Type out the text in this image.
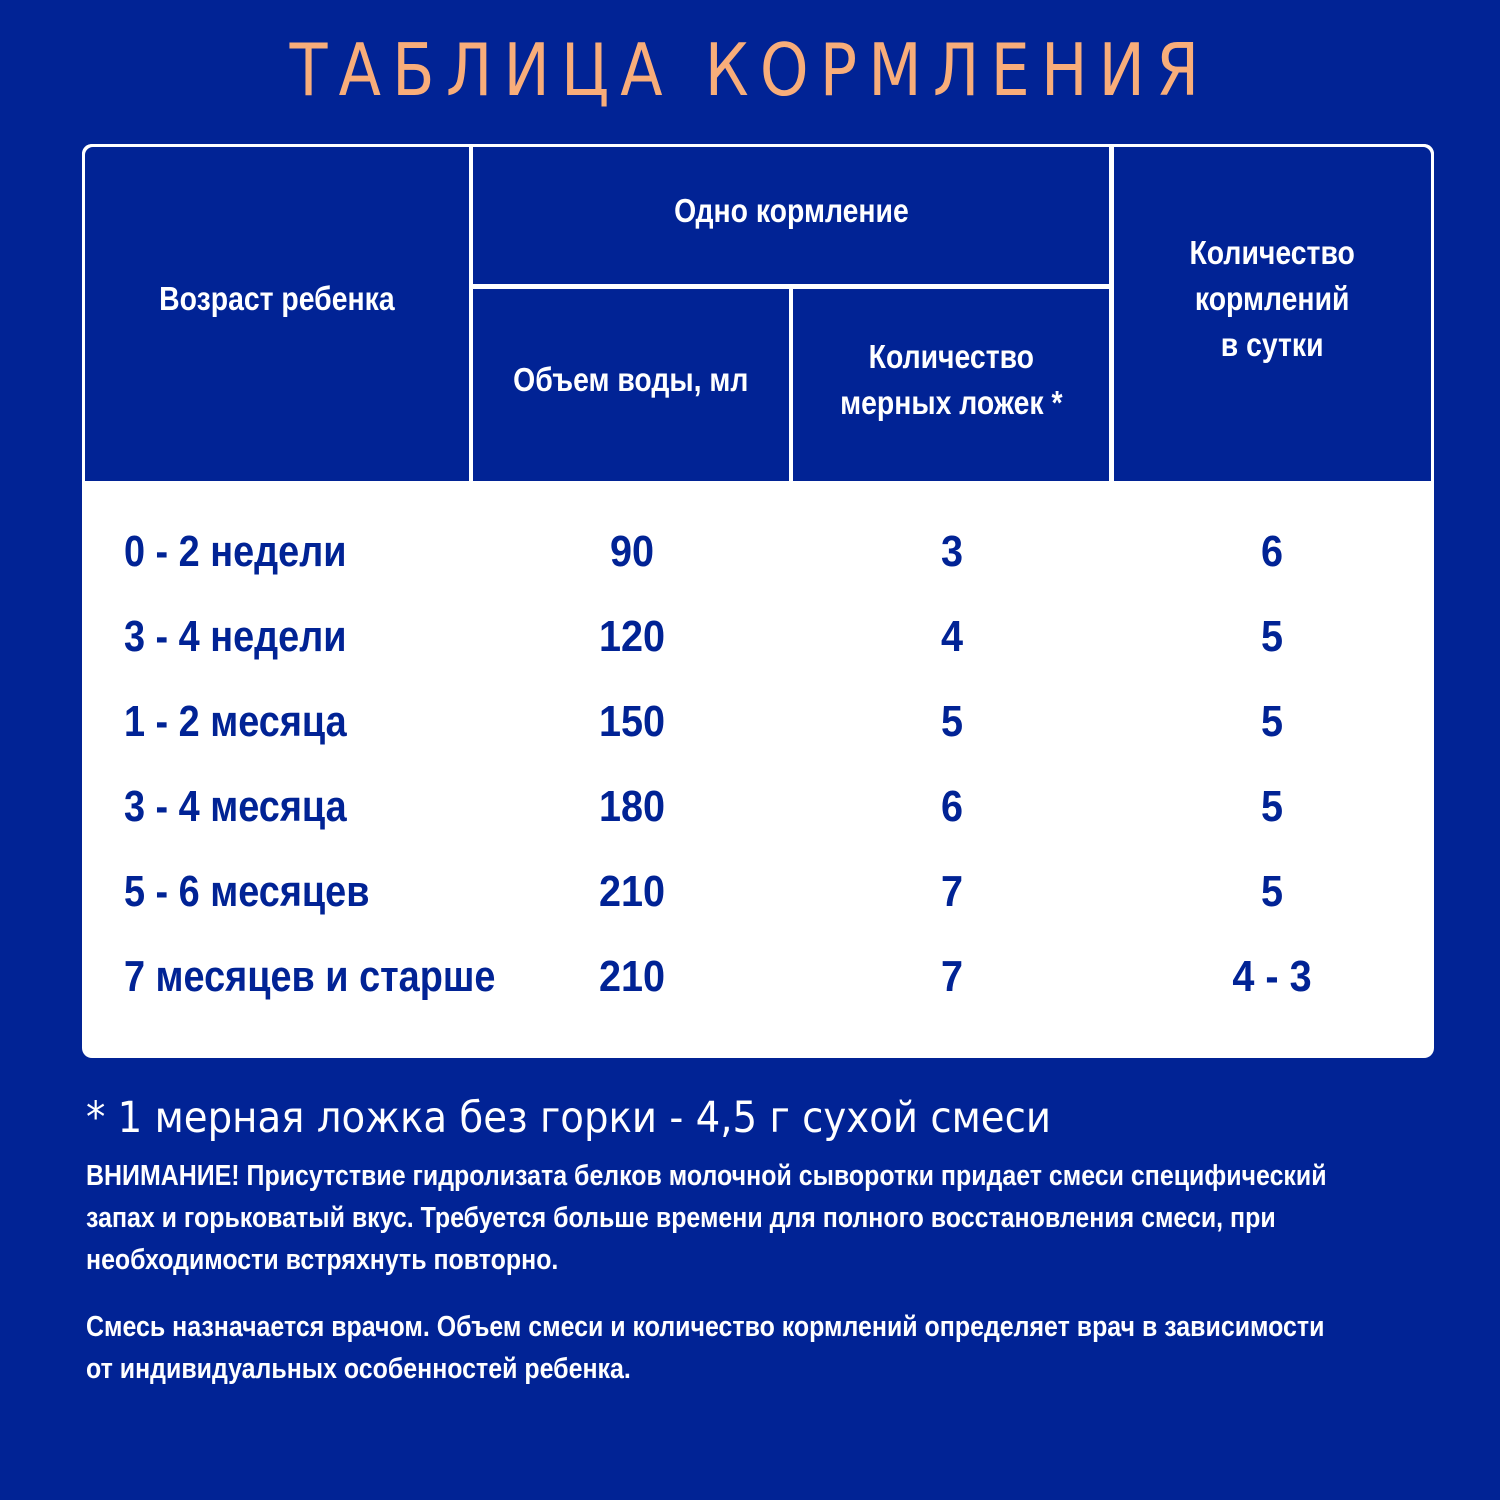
ТАБЛИЦА КОРМЛЕНИЯ
Возраст ребенка
Одно кормление
Объем воды, мл
Количество
мерных ложек *
Количество
кормлений
в сутки
0 - 2 недели	90	3	6
3 - 4 недели	120	4	5
1 - 2 месяца	150	5	5
3 - 4 месяца	180	6	5
5 - 6 месяцев	210	7	5
7 месяцев и старше	210	7	4 - 3
* 1 мерная ложка без горки - 4,5 г сухой смеси
ВНИМАНИЕ! Присутствие гидролизата белков молочной сыворотки придает смеси специфический
запах и горьковатый вкус. Требуется больше времени для полного восстановления смеси, при
необходимости встряхнуть повторно.
Смесь назначается врачом. Объем смеси и количество кормлений определяет врач в зависимости
от индивидуальных особенностей ребенка.
